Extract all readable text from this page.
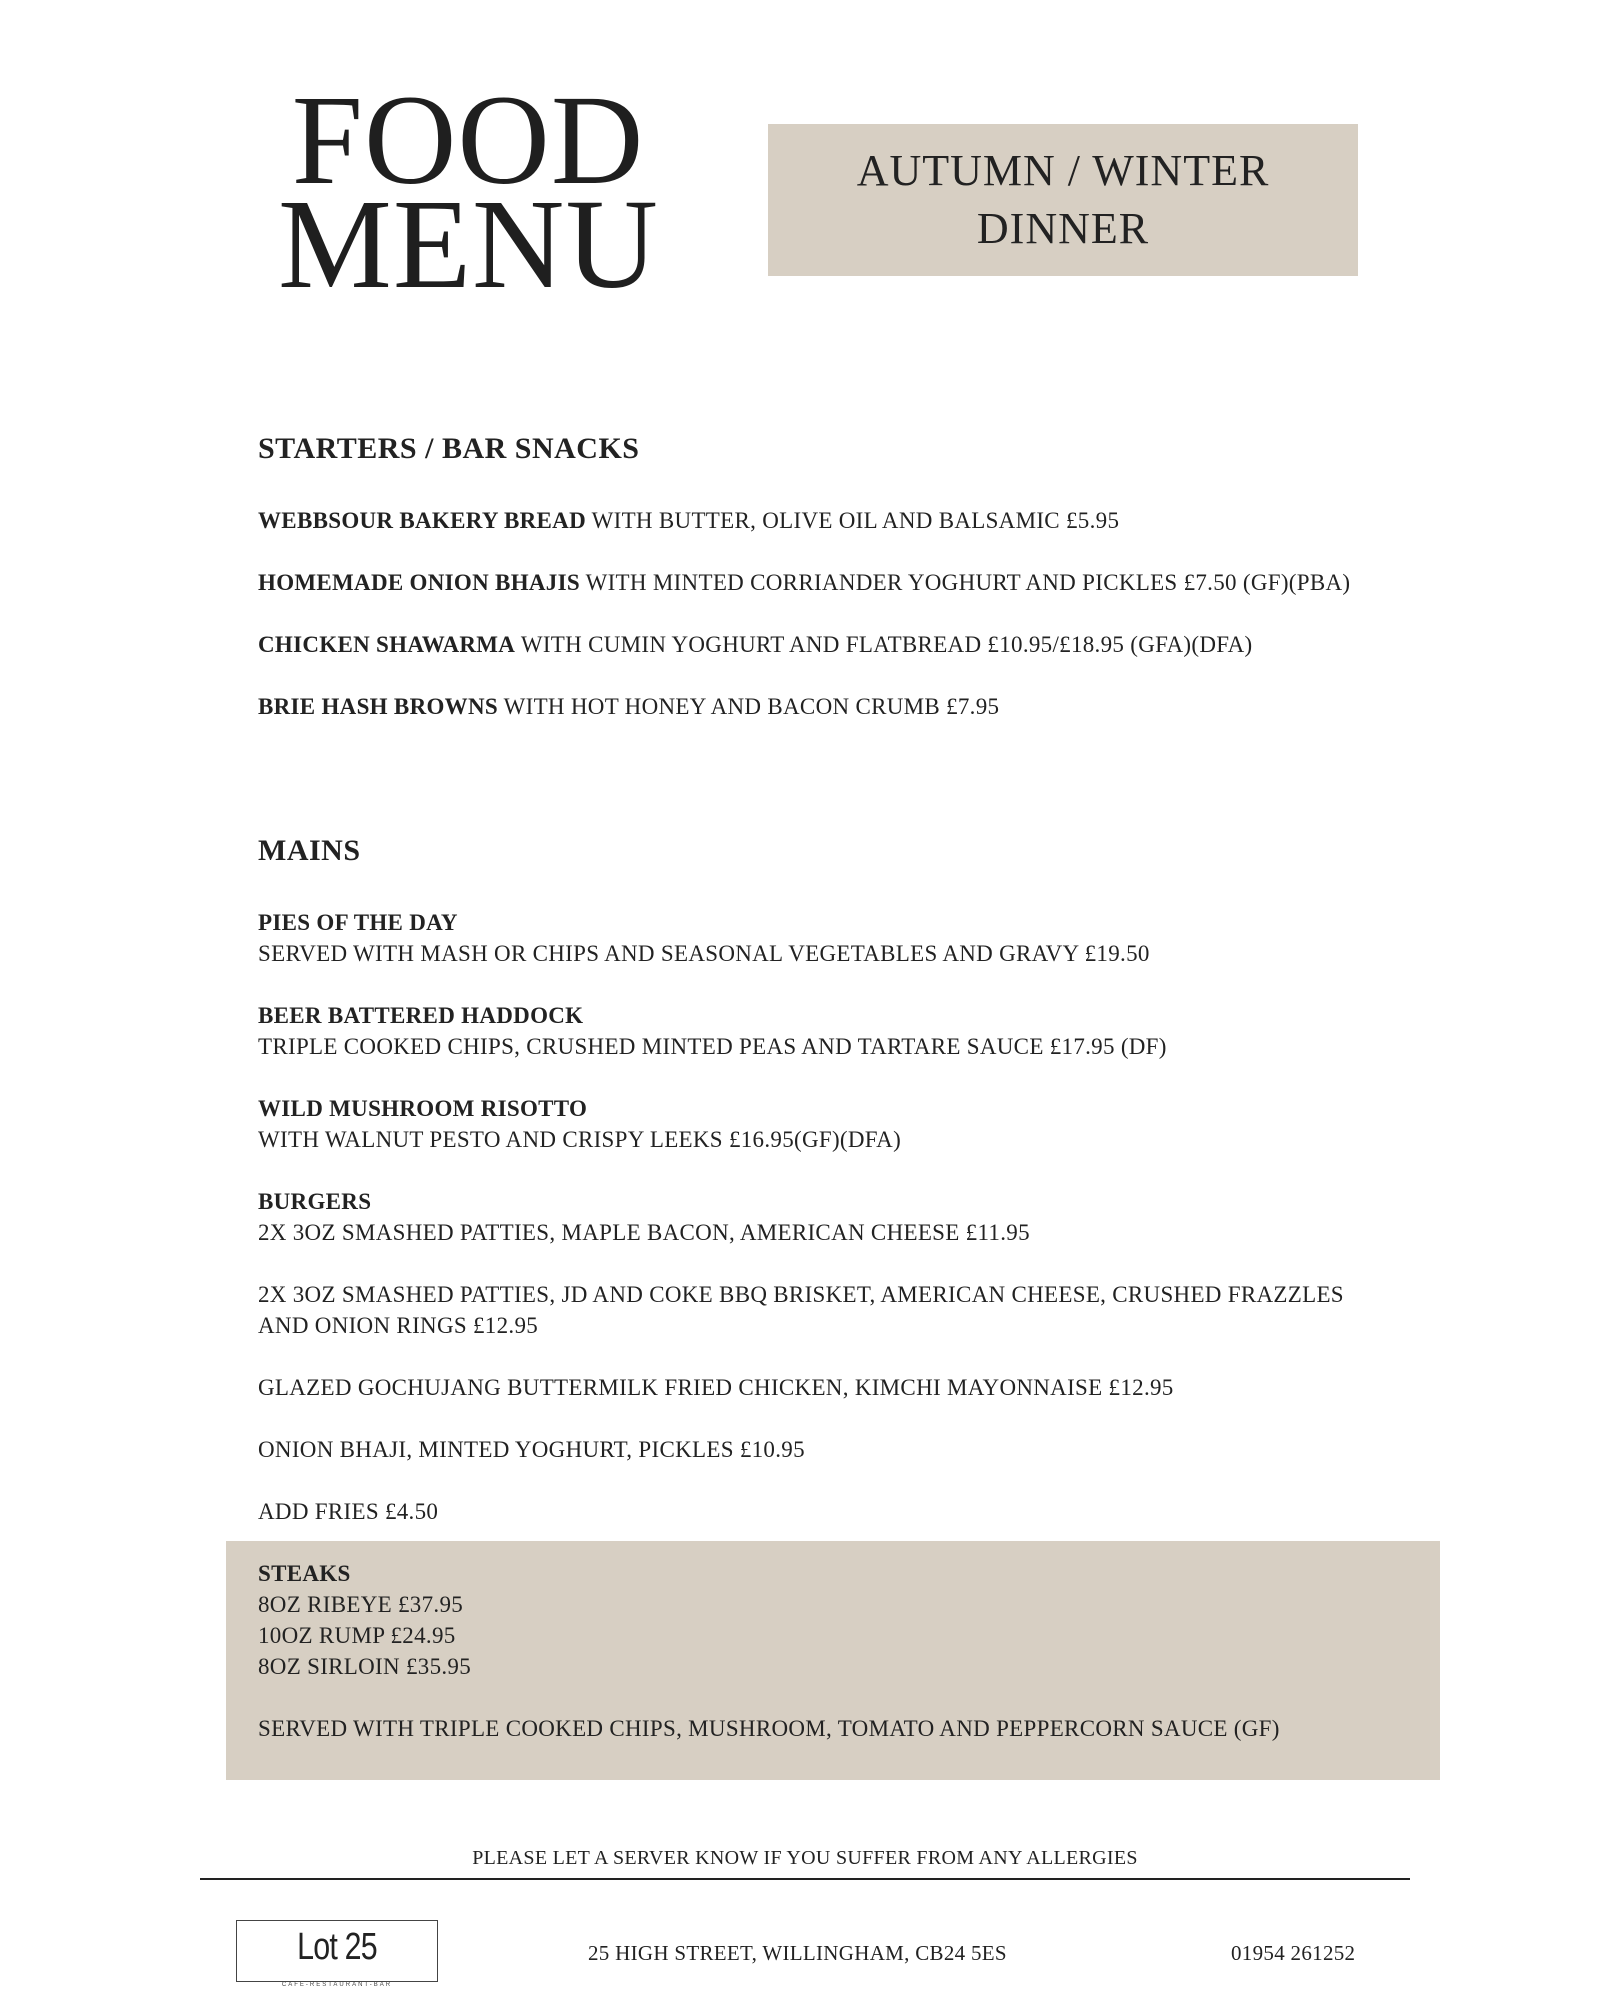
FOOD
MENU
AUTUMN / WINTER
DINNER
STARTERS / BAR SNACKS
WEBBSOUR BAKERY BREAD WITH BUTTER, OLIVE OIL AND BALSAMIC £5.95
HOMEMADE ONION BHAJIS WITH MINTED CORRIANDER YOGHURT AND PICKLES £7.50 (GF)(PBA)
CHICKEN SHAWARMA WITH CUMIN YOGHURT AND FLATBREAD £10.95/£18.95 (GFA)(DFA)
BRIE HASH BROWNS WITH HOT HONEY AND BACON CRUMB £7.95
MAINS
PIES OF THE DAY
SERVED WITH MASH OR CHIPS AND SEASONAL VEGETABLES AND GRAVY £19.50
BEER BATTERED HADDOCK
TRIPLE COOKED CHIPS, CRUSHED MINTED PEAS AND TARTARE SAUCE £17.95 (DF)
WILD MUSHROOM RISOTTO
WITH WALNUT PESTO AND CRISPY LEEKS £16.95(GF)(DFA)
BURGERS
2X 3OZ SMASHED PATTIES, MAPLE BACON, AMERICAN CHEESE £11.95
2X 3OZ SMASHED PATTIES, JD AND COKE BBQ BRISKET, AMERICAN CHEESE, CRUSHED FRAZZLES
AND ONION RINGS £12.95
GLAZED GOCHUJANG BUTTERMILK FRIED CHICKEN, KIMCHI MAYONNAISE £12.95
ONION BHAJI, MINTED YOGHURT, PICKLES £10.95
ADD FRIES £4.50
STEAKS
8OZ RIBEYE £37.95
10OZ RUMP £24.95
8OZ SIRLOIN £35.95
SERVED WITH TRIPLE COOKED CHIPS, MUSHROOM, TOMATO AND PEPPERCORN SAUCE (GF)
PLEASE LET A SERVER KNOW IF YOU SUFFER FROM ANY ALLERGIES
Lot 25
CAFE-RESTAURANT-BAR
25 HIGH STREET, WILLINGHAM, CB24 5ES	01954 261252
